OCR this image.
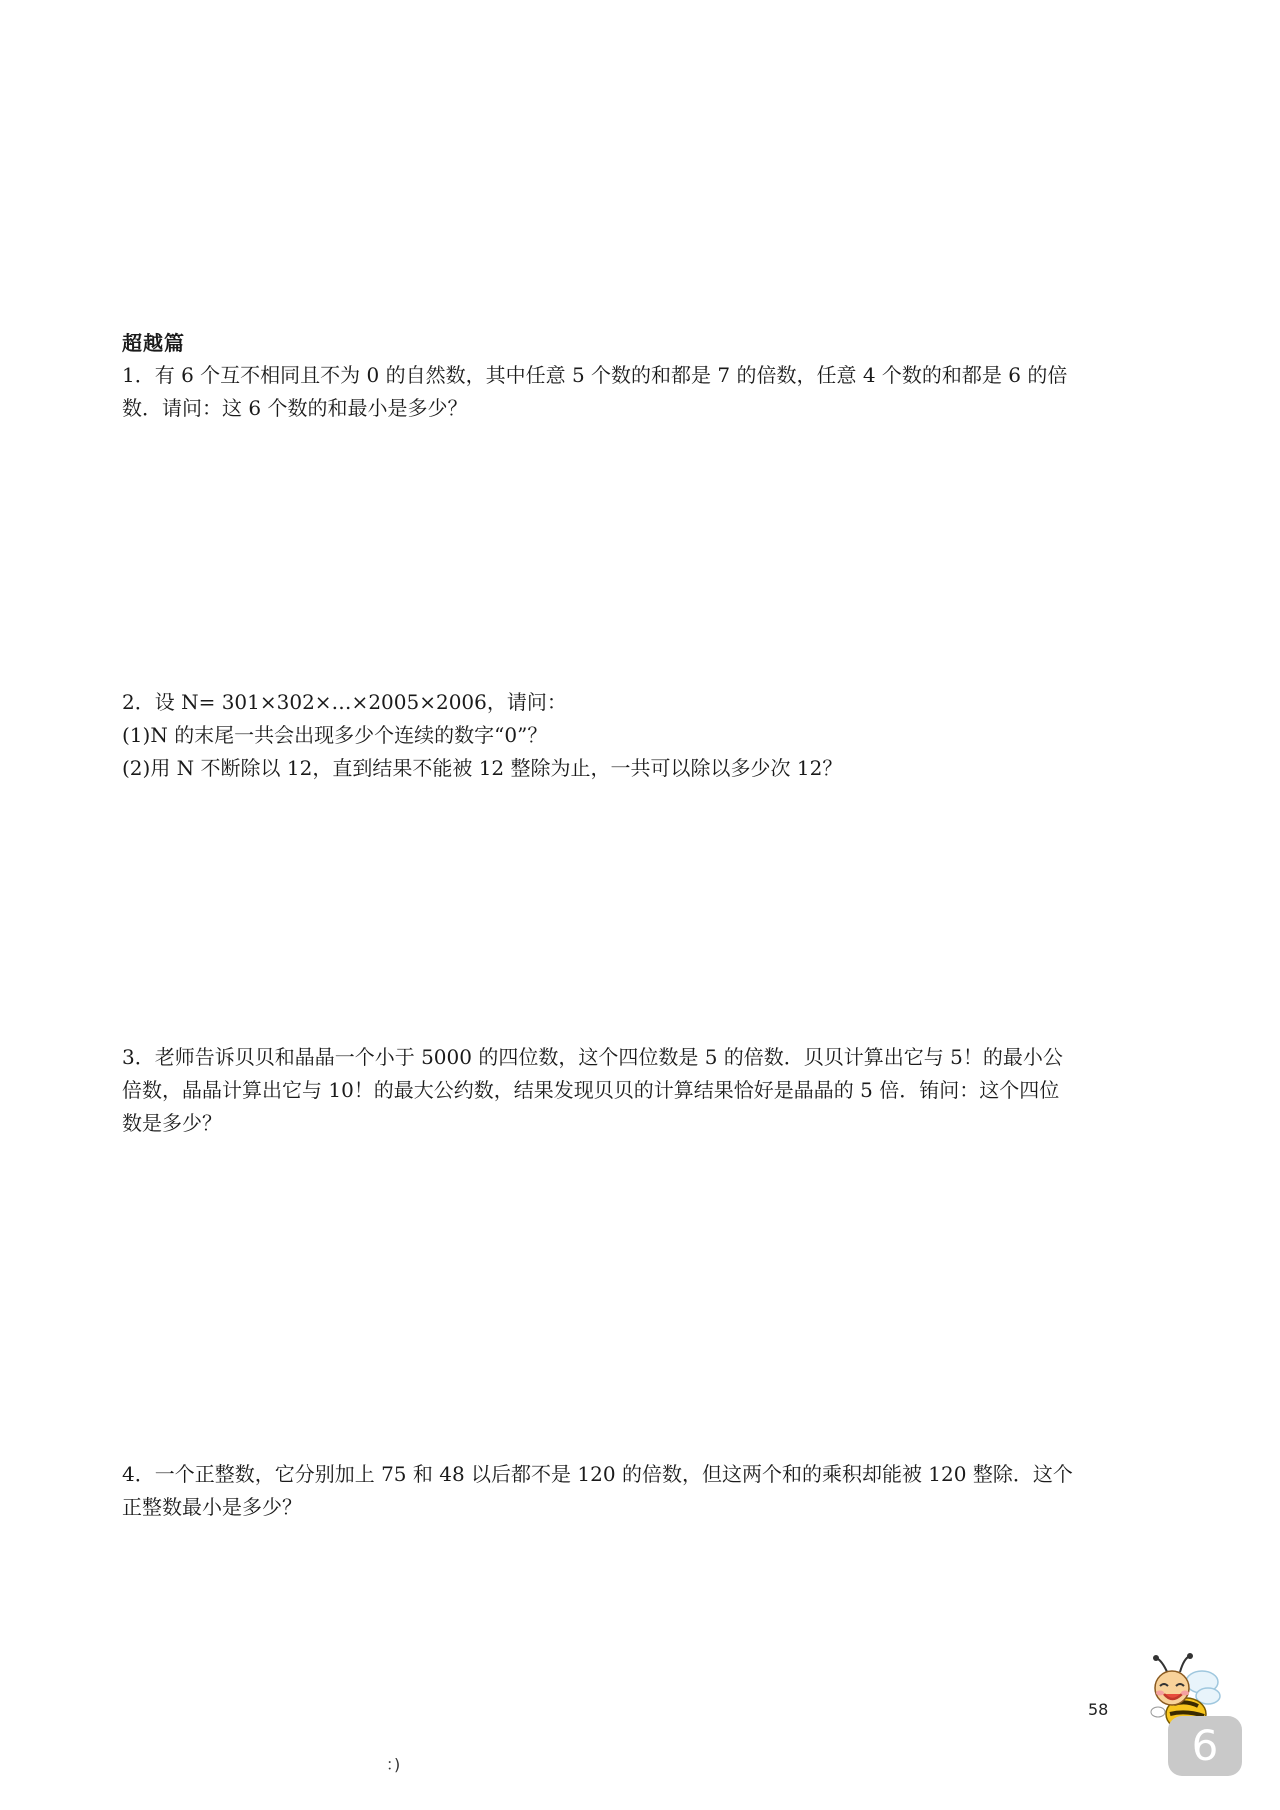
超越篇

1．有 6 个互不相同且不为 0 的自然数，其中任意 5 个数的和都是 7 的倍数，任意 4 个数的和都是 6 的倍

数．请问：这 6 个数的和最小是多少？

2．设 N= 301×302×…×2005×2006，请问：

(1)N 的末尾一共会出现多少个连续的数字“0”？

(2)用 N 不断除以 12，直到结果不能被 12 整除为止，一共可以除以多少次 12？

3．老师告诉贝贝和晶晶一个小于 5000 的四位数，这个四位数是 5 的倍数．贝贝计算出它与 5！的最小公

倍数，晶晶计算出它与 10！的最大公约数，结果发现贝贝的计算结果恰好是晶晶的 5 倍．铕问：这个四位

数是多少？

4．一个正整数，它分别加上 75 和 48 以后都不是 120 的倍数，但这两个和的乘积却能被 120 整除．这个

正整数最小是多少？

58
：)	6
